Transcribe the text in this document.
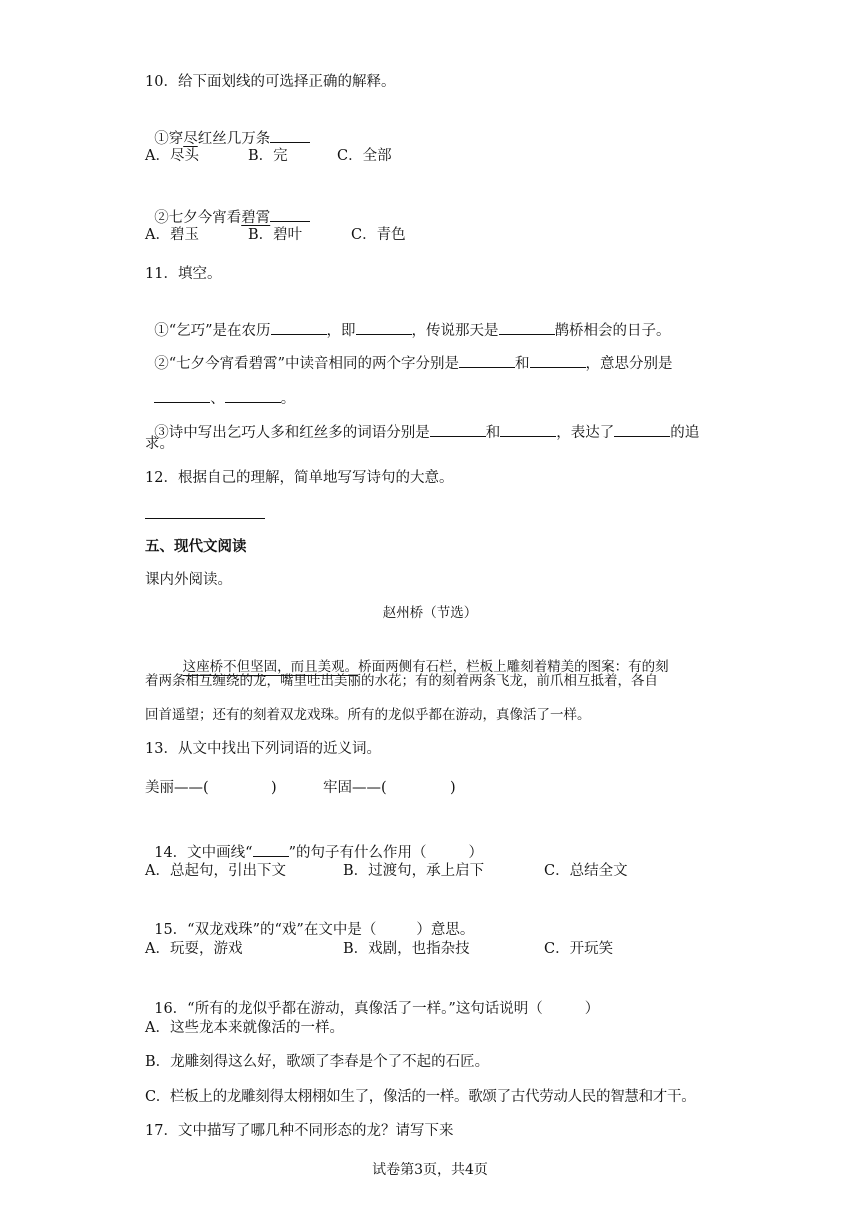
10．给下面划线的可选择正确的解释。

①穿尽红丝几万条

A．尽头	B．完	C．全部

②七夕今宵看碧霄

A．碧玉	B．碧叶	C．青色
11．填空。

①“乞巧”是在农历	，即	，传说那天是	鹊桥相会的日子。

②“七夕今宵看碧霄”中读音相同的两个字分别是	和	，意思分别是

、	。

③诗中写出乞巧人多和红丝多的词语分别是	和	，表达了	的追

求。
12．根据自己的理解，简单地写写诗句的大意。
五、现代文阅读
课内外阅读。
赵州桥（节选）

这座桥不但坚固，而且美观。桥面两侧有石栏，栏板上雕刻着精美的图案：有的刻

着两条相互缠绕的龙，嘴里吐出美丽的水花；有的刻着两条飞龙，前爪相互抵着，各自
回首遥望；还有的刻着双龙戏珠。所有的龙似乎都在游动，真像活了一样。
13．从文中找出下列词语的近义词。
美丽——(	)	牢固——(	)

14．文中画线“ ”的句子有什么作用（	）

A．总起句，引出下文	B．过渡句，承上启下	C．总结全文

15．“双龙戏珠”的“戏”在文中是（	）意思。

A．玩耍，游戏	B．戏剧，也指杂技	C．开玩笑

16．“所有的龙似乎都在游动，真像活了一样。”这句话说明（	）

A．这些龙本来就像活的一样。
B．龙雕刻得这么好，歌颂了李春是个了不起的石匠。
C．栏板上的龙雕刻得太栩栩如生了，像活的一样。歌颂了古代劳动人民的智慧和才干。
17．文中描写了哪几种不同形态的龙？请写下来
试卷第3页，共4页
